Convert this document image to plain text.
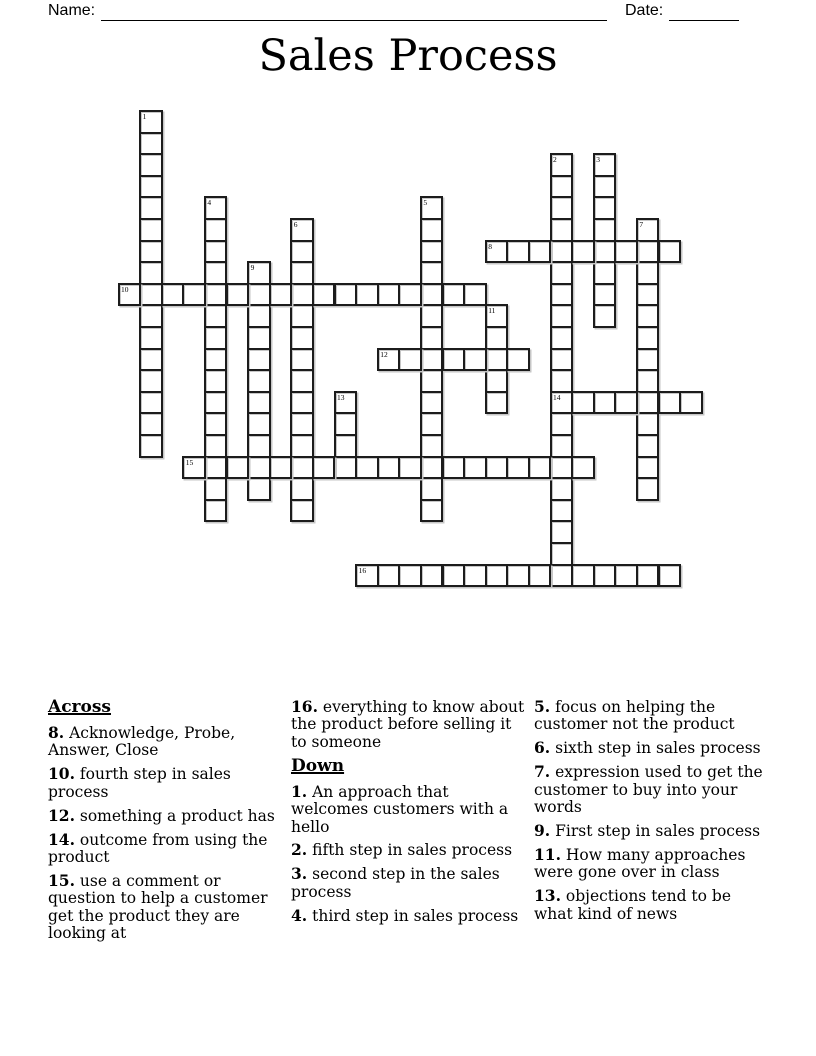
Name:	Date:
Sales Process
1
2
14
3
4	5
6	7
8
9
10
11
12
13
15
16
Across
8. Acknowledge, Probe, Answer, Close
10. fourth step in sales process
12. something a product has
14. outcome from using the product
15. use a comment or question to help a customer get the product they are looking at
16. everything to know about the product before selling it to someone
Down
1. An approach that welcomes customers with a hello
2. fifth step in sales process
3. second step in the sales process
4. third step in sales process
5. focus on helping the customer not the product
6. sixth step in sales process
7. expression used to get the customer to buy into your words
9. First step in sales process
11. How many approaches were gone over in class
13. objections tend to be what kind of news
